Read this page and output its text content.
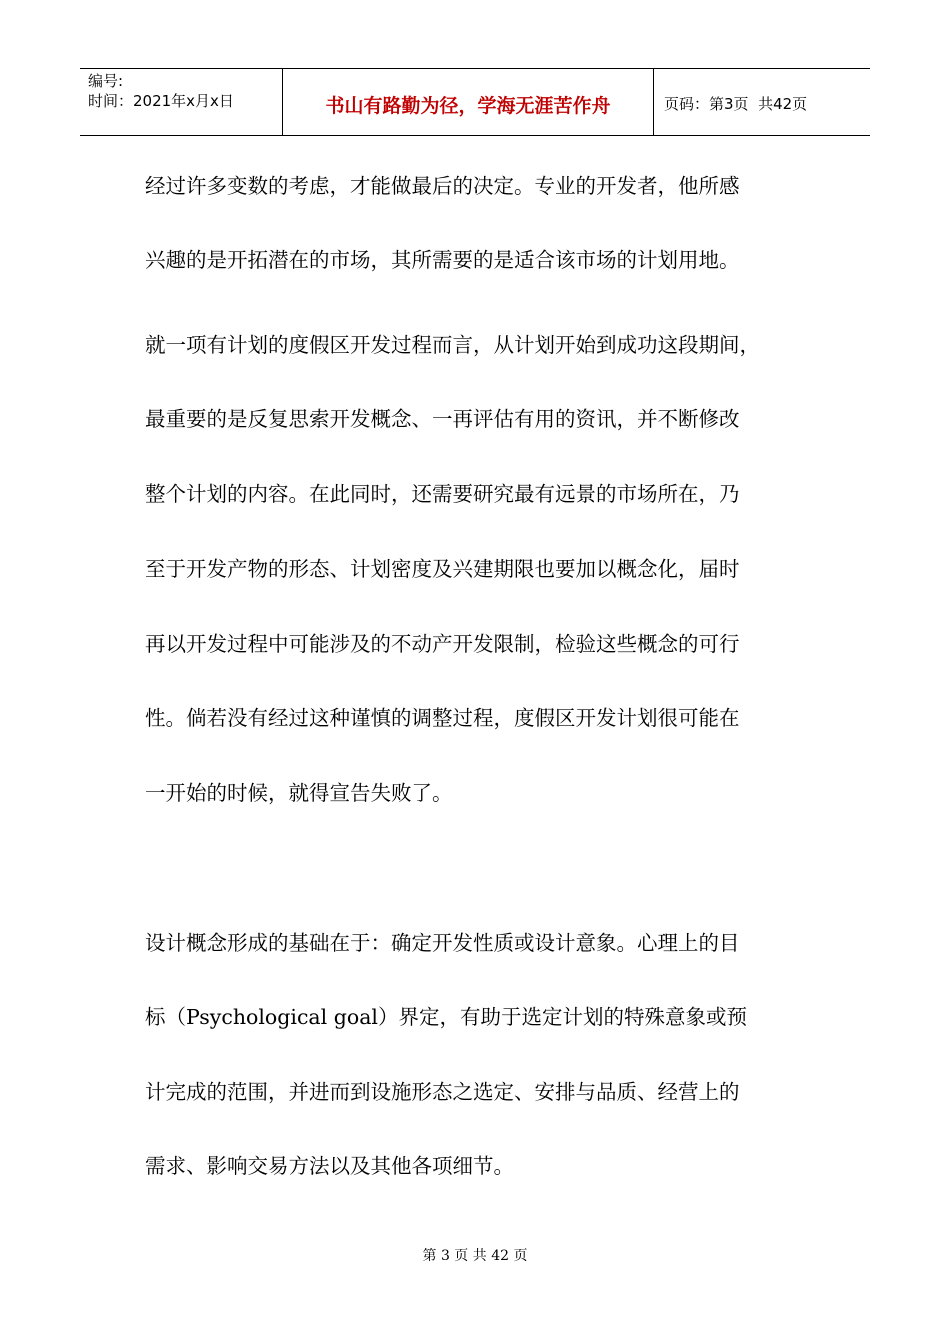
编号:
时间：2021年x月x日	书山有路勤为径，学海无涯苦作舟	页码：第3页  共42页

经过许多变数的考虑，才能做最后的决定。专业的开发者，他所感

兴趣的是开拓潜在的市场，其所需要的是适合该市场的计划用地。

就一项有计划的度假区开发过程而言，从计划开始到成功这段期间，

最重要的是反复思索开发概念、一再评估有用的资讯，并不断修改

整个计划的内容。在此同时，还需要研究最有远景的市场所在，乃

至于开发产物的形态、计划密度及兴建期限也要加以概念化，届时

再以开发过程中可能涉及的不动产开发限制，检验这些概念的可行

性。倘若没有经过这种谨慎的调整过程，度假区开发计划很可能在

一开始的时候，就得宣告失败了。

设计概念形成的基础在于：确定开发性质或设计意象。心理上的目

标（Psychological goal）界定，有助于选定计划的特殊意象或预

计完成的范围，并进而到设施形态之选定、安排与品质、经营上的

需求、影响交易方法以及其他各项细节。

第 3 页 共 42 页
